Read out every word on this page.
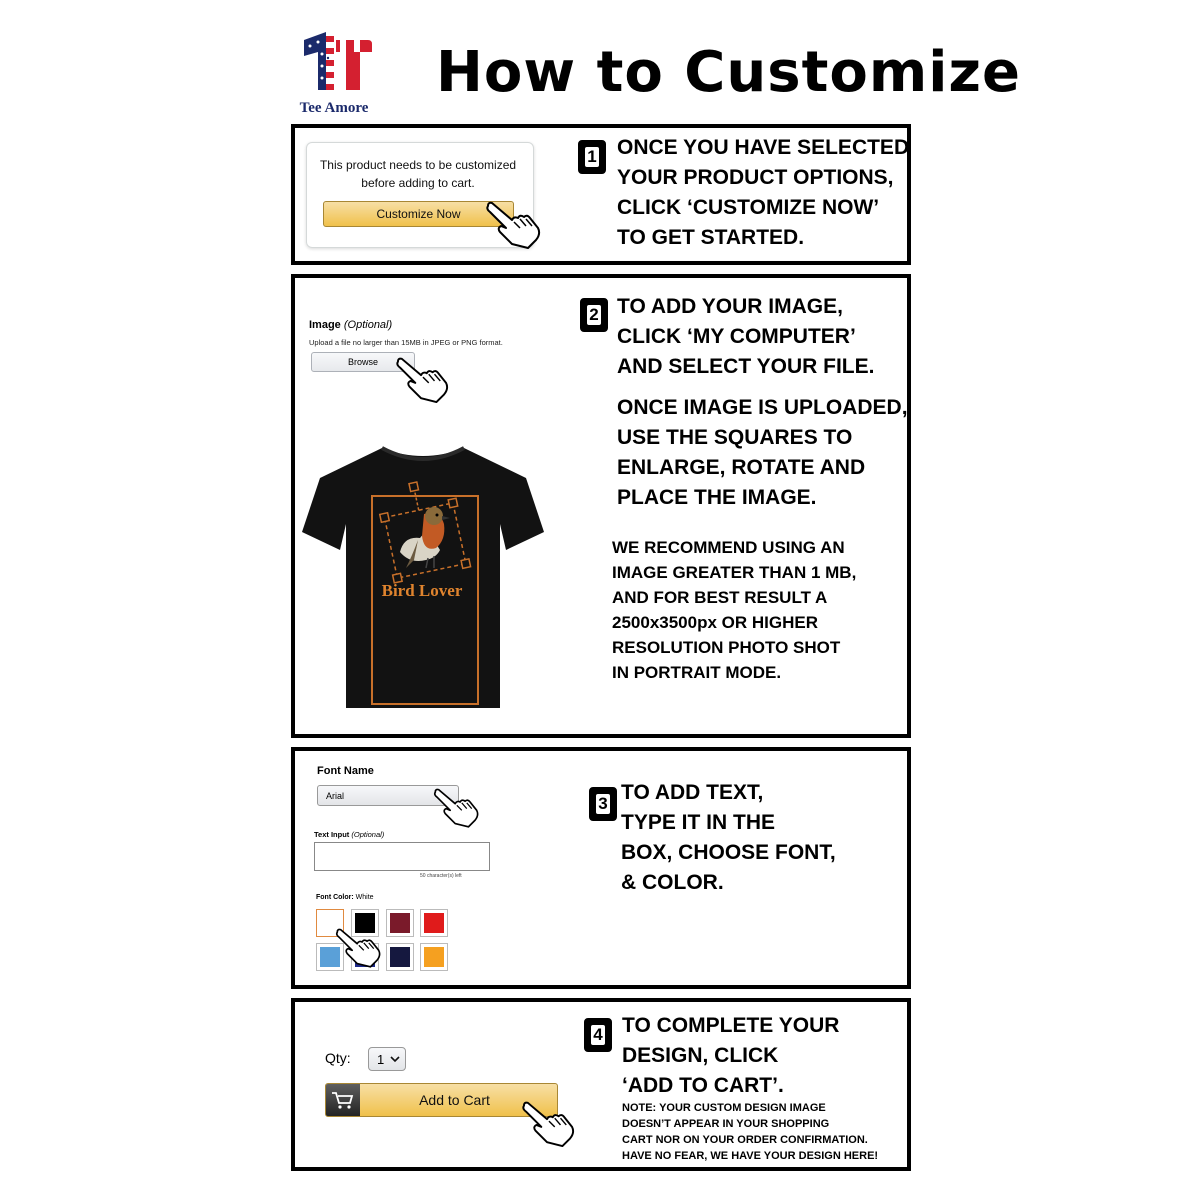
Tee Amore
How to Customize
This product needs to be customized before adding to cart.
Customize Now
1 ONCE YOU HAVE SELECTED
YOUR PRODUCT OPTIONS,
CLICK ‘CUSTOMIZE NOW’
TO GET STARTED.
Image (Optional)
Upload a file no larger than 15MB in JPEG or PNG format.
Browse
Bird Lover
2 TO ADD YOUR IMAGE,
CLICK ‘MY COMPUTER’
AND SELECT YOUR FILE.
ONCE IMAGE IS UPLOADED,
USE THE SQUARES TO
ENLARGE, ROTATE AND
PLACE THE IMAGE.
WE RECOMMEND USING AN
IMAGE GREATER THAN 1 MB,
AND FOR BEST RESULT A
2500x3500px OR HIGHER
RESOLUTION PHOTO SHOT
IN PORTRAIT MODE.
Font Name
Arial
Text Input (Optional)
50 character(s) left
Font Color: White
3 TO ADD TEXT,
TYPE IT IN THE
BOX, CHOOSE FONT,
& COLOR.
Qty: 1
Add to Cart
4 TO COMPLETE YOUR
DESIGN, CLICK
‘ADD TO CART’.
NOTE: YOUR CUSTOM DESIGN IMAGE
DOESN’T APPEAR IN YOUR SHOPPING
CART NOR ON YOUR ORDER CONFIRMATION.
HAVE NO FEAR, WE HAVE YOUR DESIGN HERE!
